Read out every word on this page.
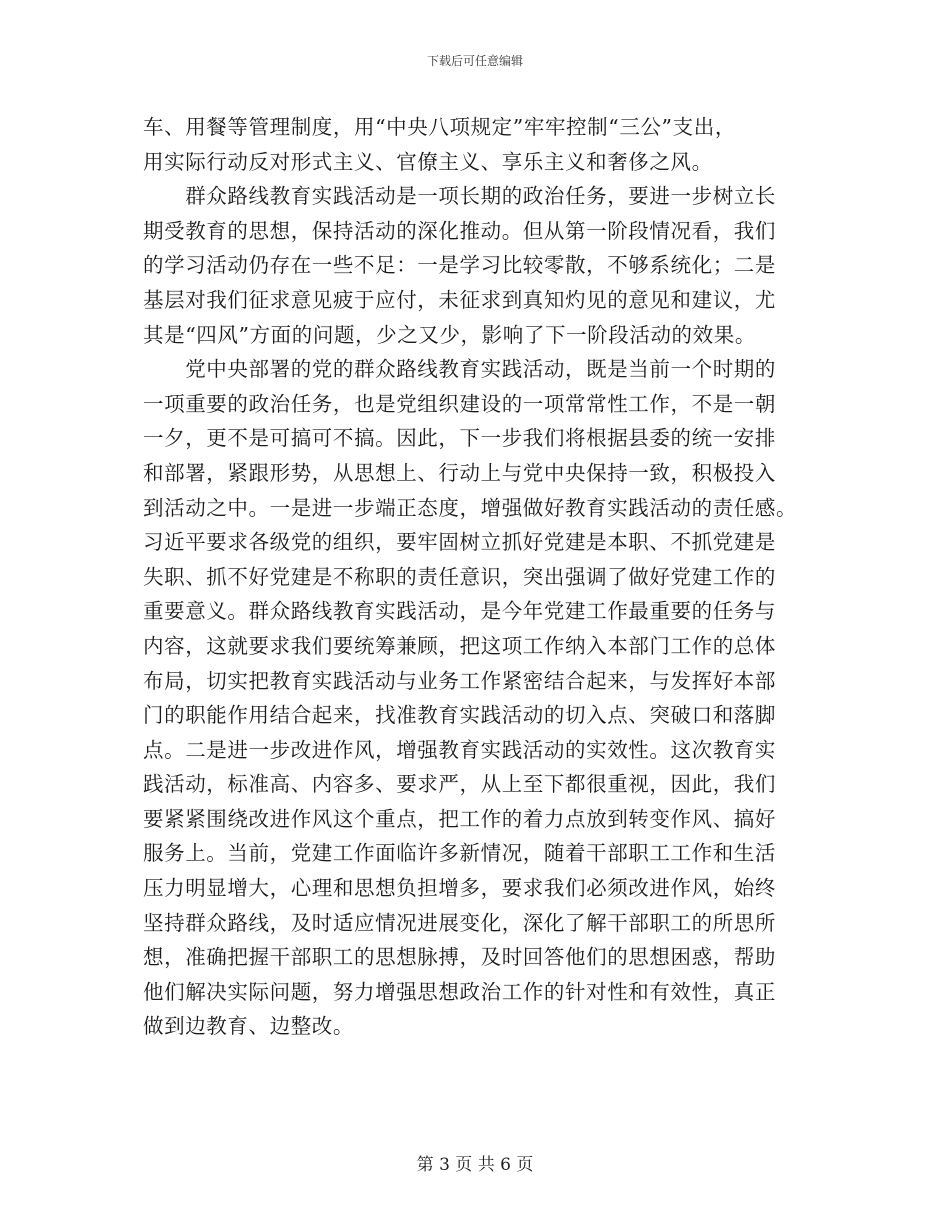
下载后可任意编辑
车、用餐等管理制度，用“中央八项规定”牢牢控制“三公”支出，
用实际行动反对形式主义、官僚主义、享乐主义和奢侈之风。
　　群众路线教育实践活动是一项长期的政治任务，要进一步树立长
期受教育的思想，保持活动的深化推动。但从第一阶段情况看，我们
的学习活动仍存在一些不足：一是学习比较零散，不够系统化；二是
基层对我们征求意见疲于应付，未征求到真知灼见的意见和建议，尤
其是“四风”方面的问题，少之又少，影响了下一阶段活动的效果。
　　党中央部署的党的群众路线教育实践活动，既是当前一个时期的
一项重要的政治任务，也是党组织建设的一项常常性工作，不是一朝
一夕，更不是可搞可不搞。因此，下一步我们将根据县委的统一安排
和部署，紧跟形势，从思想上、行动上与党中央保持一致，积极投入
到活动之中。一是进一步端正态度，增强做好教育实践活动的责任感。
习近平要求各级党的组织，要牢固树立抓好党建是本职、不抓党建是
失职、抓不好党建是不称职的责任意识，突出强调了做好党建工作的
重要意义。群众路线教育实践活动，是今年党建工作最重要的任务与
内容，这就要求我们要统筹兼顾，把这项工作纳入本部门工作的总体
布局，切实把教育实践活动与业务工作紧密结合起来，与发挥好本部
门的职能作用结合起来，找准教育实践活动的切入点、突破口和落脚
点。二是进一步改进作风，增强教育实践活动的实效性。这次教育实
践活动，标准高、内容多、要求严，从上至下都很重视，因此，我们
要紧紧围绕改进作风这个重点，把工作的着力点放到转变作风、搞好
服务上。当前，党建工作面临许多新情况，随着干部职工工作和生活
压力明显增大，心理和思想负担增多，要求我们必须改进作风，始终
坚持群众路线，及时适应情况进展变化，深化了解干部职工的所思所
想，准确把握干部职工的思想脉搏，及时回答他们的思想困惑，帮助
他们解决实际问题，努力增强思想政治工作的针对性和有效性，真正
做到边教育、边整改。
第 3 页 共 6 页
